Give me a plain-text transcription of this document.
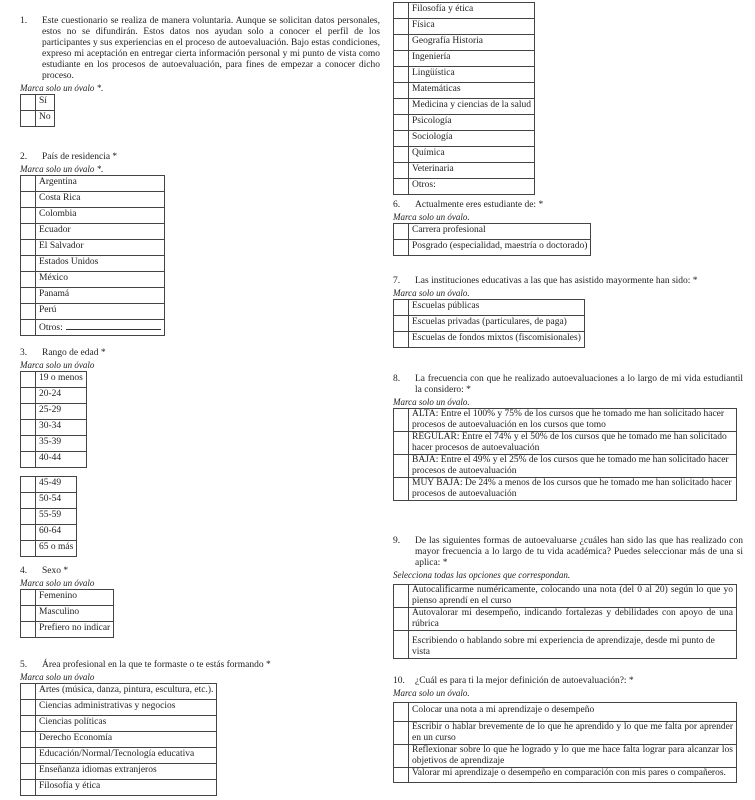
1.	Este cuestionario se realiza de manera voluntaria. Aunque se solicitan datos personales, estos no se difundirán. Estos datos nos ayudan solo a conocer el perfil de los participantes y sus experiencias en el proceso de autoevaluación. Bajo estas condiciones, expreso mi aceptación en entregar cierta información personal y mi punto de vista como estudiante en los procesos de autoevaluación, para fines de empezar a conocer dicho proceso.
Marca solo un óvalo *.
	Sí
	No
2.	País de residencia *
Marca solo un óvalo *.
	Argentina
	Costa Rica
	Colombia
	Ecuador
	El Salvador
	Estados Unidos
	México
	Panamá
	Perú
	Otros:
3.	Rango de edad *
Marca solo un óvalo
	19 o menos
	20-24
	25-29
	30-34
	35-39
	40-44
	45-49
	50-54
	55-59
	60-64
	65 o más
4.	Sexo *
Marca solo un óvalo
	Femenino
	Masculino
	Prefiero no indicar
5.	Área profesional en la que te formaste o te estás formando *
Marca solo un óvalo
	Artes (música, danza, pintura, escultura, etc.).
	Ciencias administrativas y negocios
	Ciencias políticas
	Derecho Economía
	Educación/Normal/Tecnología educativa
	Enseñanza idiomas extranjeros
	Filosofía y ética
	Filosofía y ética
	Física
	Geografía Historia
	Ingeniería
	Lingüística
	Matemáticas
	Medicina y ciencias de la salud
	Psicología
	Sociología
	Química
	Veterinaria
	Otros:
6.	Actualmente eres estudiante de: *
Marca solo un óvalo.
	Carrera profesional
	Posgrado (especialidad, maestría o doctorado)
7.	Las instituciones educativas a las que has asistido mayormente han sido: *
Marca solo un óvalo.
	Escuelas públicas
	Escuelas privadas (particulares, de paga)
	Escuelas de fondos mixtos (fiscomisionales)
8.	La frecuencia con que he realizado autoevaluaciones a lo largo de mi vida estudiantil la considero: *
Marca solo un óvalo.
	ALTA: Entre el 100% y 75% de los cursos que he tomado me han solicitado hacer procesos de autoevaluación en los cursos que tomo
	REGULAR: Entre el 74% y el 50% de los cursos que he tomado me han solicitado hacer procesos de autoevaluación
	BAJA: Entre el 49% y el 25% de los cursos que he tomado me han solicitado hacer procesos de autoevaluación
	MUY BAJA: De 24% a menos de los cursos que he tomado me han solicitado hacer procesos de autoevaluación
9.	De las siguientes formas de autoevaluarse ¿cuáles han sido las que has realizado con mayor frecuencia a lo largo de tu vida académica? Puedes seleccionar más de una si aplica: *
Selecciona todas las opciones que correspondan.
	Autocalificarme numéricamente, colocando una nota (del 0 al 20) según lo que yo pienso aprendí en el curso
	Autovalorar mi desempeño, indicando fortalezas y debilidades con apoyo de una rúbrica
	Escribiendo o hablando sobre mi experiencia de aprendizaje, desde mi punto de vista
10.	¿Cuál es para ti la mejor definición de autoevaluación?: *
Marca solo un óvalo.
	Colocar una nota a mi aprendizaje o desempeño
	Escribir o hablar brevemente de lo que he aprendido y lo que me falta por aprender en un curso
	Reflexionar sobre lo que he logrado y lo que me hace falta lograr para alcanzar los objetivos de aprendizaje
	Valorar mi aprendizaje o desempeño en comparación con mis pares o compañeros.
